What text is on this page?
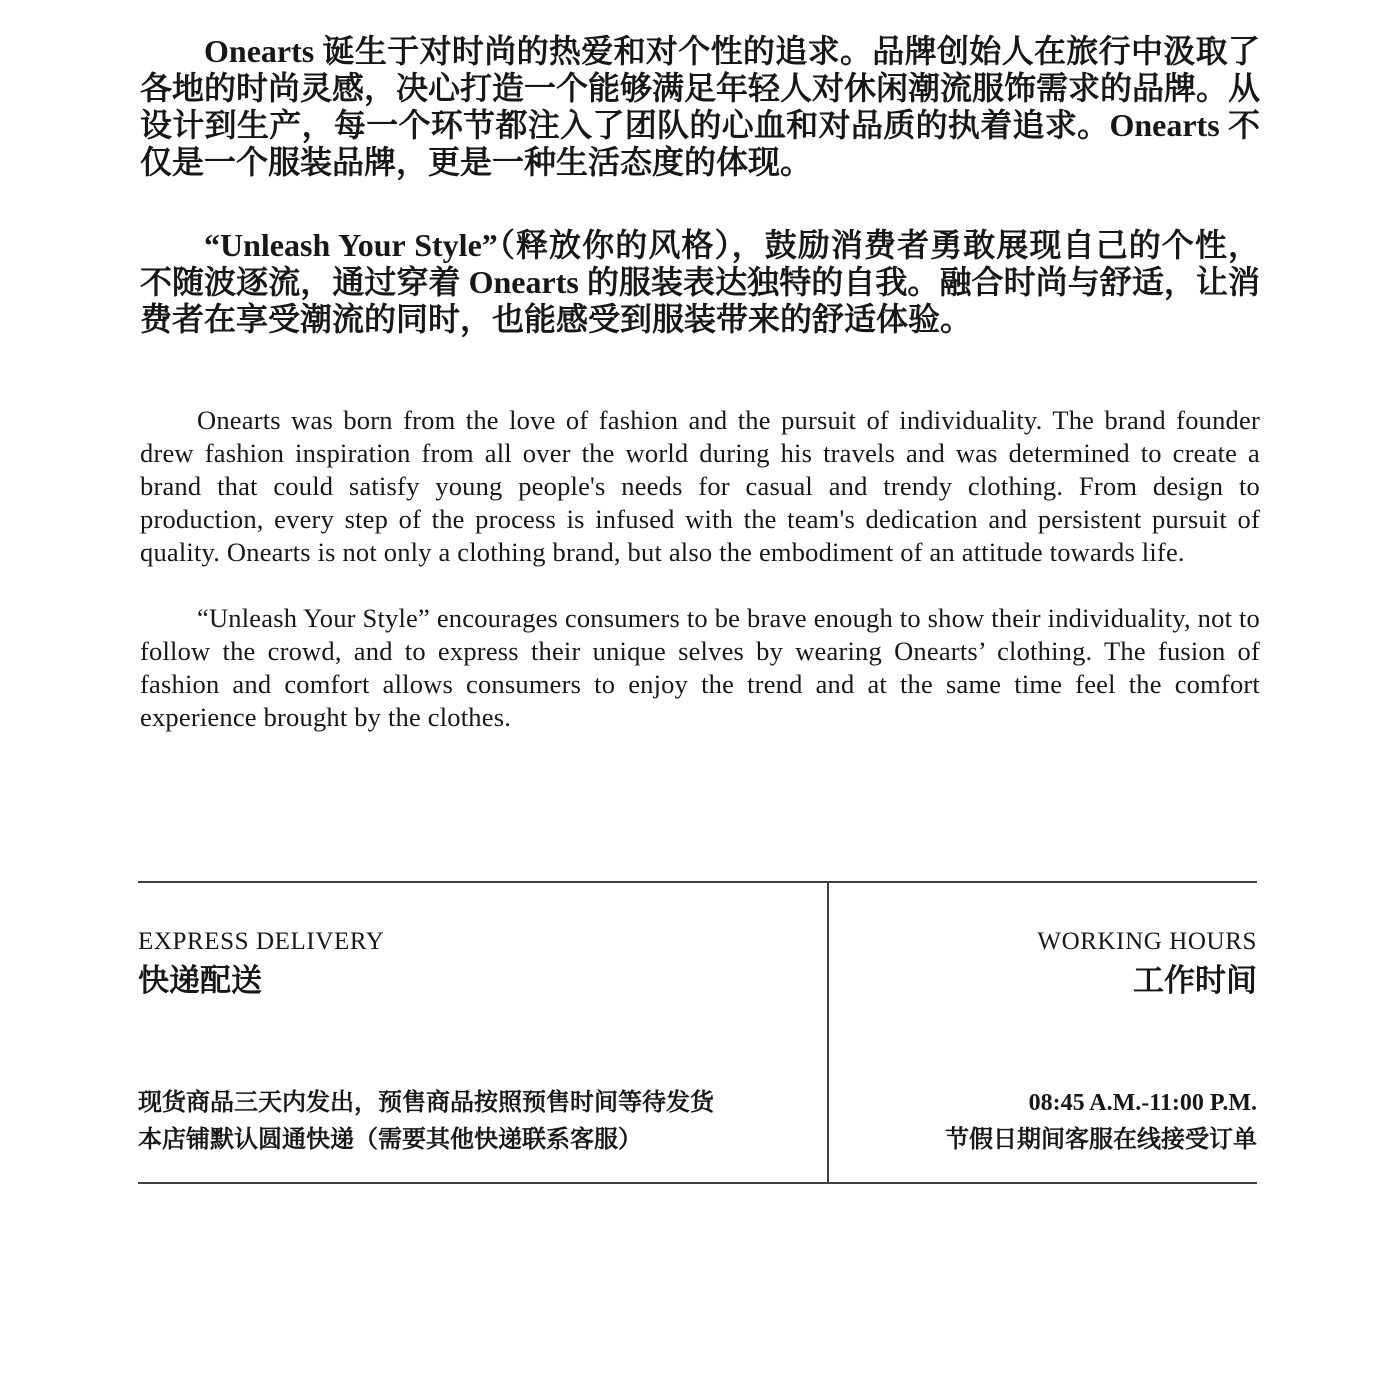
Onearts 诞生于对时尚的热爱和对个性的追求。品牌创始人在旅行中汲取了各地的时尚灵感，决心打造一个能够满足年轻人对休闲潮流服饰需求的品牌。从设计到生产，每一个环节都注入了团队的心血和对品质的执着追求。Onearts 不仅是一个服装品牌，更是一种生活态度的体现。

“Unleash Your Style”（释放你的风格），鼓励消费者勇敢展现自己的个性，不随波逐流，通过穿着 Onearts 的服装表达独特的自我。融合时尚与舒适，让消费者在享受潮流的同时，也能感受到服装带来的舒适体验。

Onearts was born from the love of fashion and the pursuit of individuality. The brand founder drew fashion inspiration from all over the world during his travels and was determined to create a brand that could satisfy young people's needs for casual and trendy clothing. From design to production, every step of the process is infused with the team's dedication and persistent pursuit of quality. Onearts is not only a clothing brand, but also the embodiment of an attitude towards life.

“Unleash Your Style” encourages consumers to be brave enough to show their individuality, not to follow the crowd, and to express their unique selves by wearing Onearts’ clothing. The fusion of fashion and comfort allows consumers to enjoy the trend and at the same time feel the comfort experience brought by the clothes.

EXPRESS DELIVERY
快递配送
现货商品三天内发出，预售商品按照预售时间等待发货
本店铺默认圆通快递（需要其他快递联系客服）
WORKING HOURS
工作时间
08:45 A.M.-11:00 P.M.
节假日期间客服在线接受订单
